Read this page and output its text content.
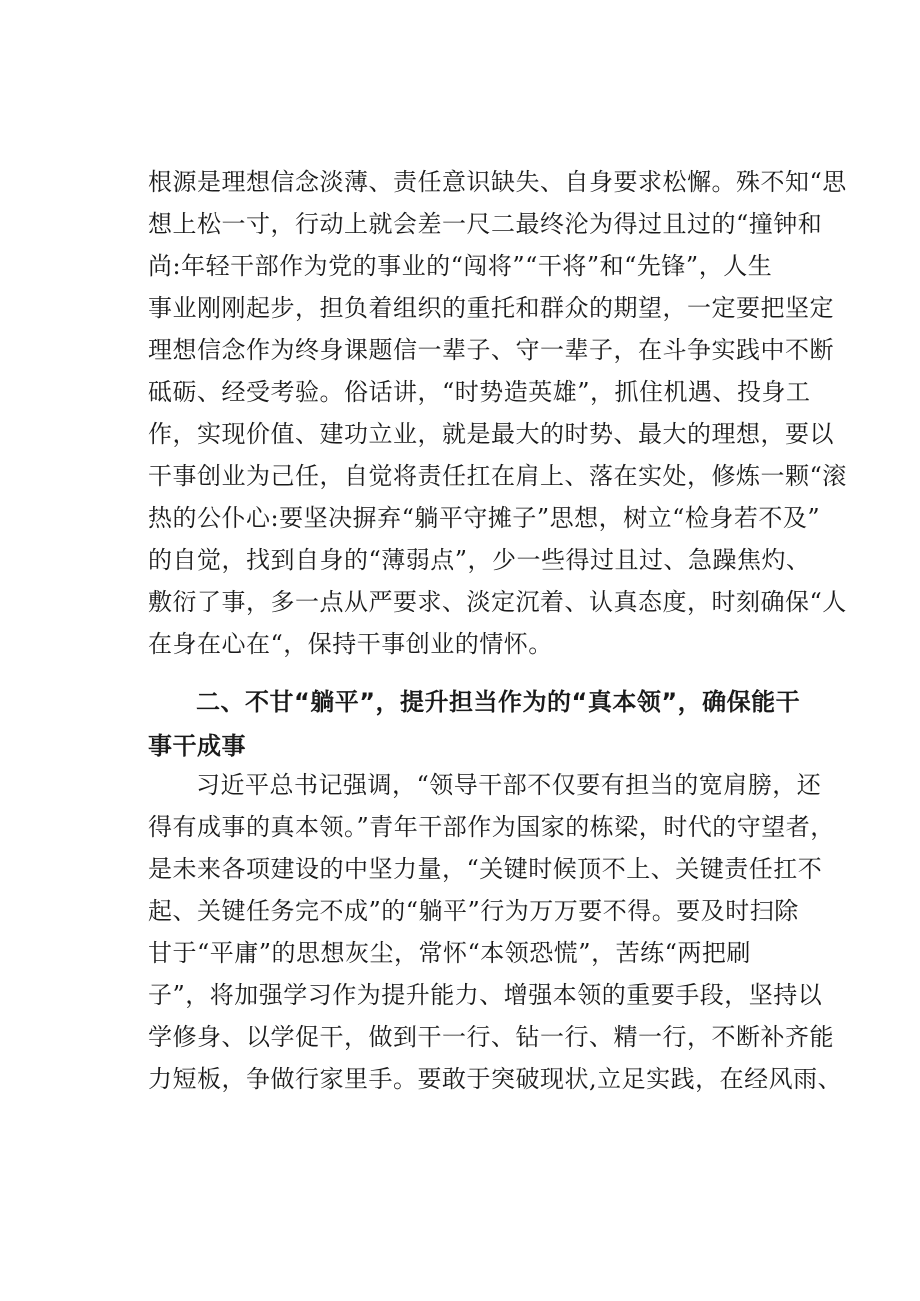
根源是理想信念淡薄、责任意识缺失、自身要求松懈。殊不知“思
想上松一寸，行动上就会差一尺二最终沦为得过且过的“撞钟和
尚:年轻干部作为党的事业的“闯将”“干将”和“先锋”，人生
事业刚刚起步，担负着组织的重托和群众的期望，一定要把坚定
理想信念作为终身课题信一辈子、守一辈子，在斗争实践中不断
砥砺、经受考验。俗话讲，“时势造英雄”，抓住机遇、投身工
作，实现价值、建功立业，就是最大的时势、最大的理想，要以
干事创业为己任，自觉将责任扛在肩上、落在实处，修炼一颗“滚
热的公仆心:要坚决摒弃“躺平守摊子”思想，树立“检身若不及”
的自觉，找到自身的“薄弱点”，少一些得过且过、急躁焦灼、
敷衍了事，多一点从严要求、淡定沉着、认真态度，时刻确保“人
在身在心在“，保持干事创业的情怀。
二、不甘“躺平”，提升担当作为的“真本领”，确保能干
事干成事
习近平总书记强调，“领导干部不仅要有担当的宽肩膀，还
得有成事的真本领。”青年干部作为国家的栋梁，时代的守望者，
是未来各项建设的中坚力量，“关键时候顶不上、关键责任扛不
起、关键任务完不成”的“躺平”行为万万要不得。要及时扫除
甘于“平庸”的思想灰尘，常怀“本领恐慌”，苦练“两把刷
子”，将加强学习作为提升能力、增强本领的重要手段，坚持以
学修身、以学促干，做到干一行、钻一行、精一行，不断补齐能
力短板，争做行家里手。要敢于突破现状,立足实践，在经风雨、
